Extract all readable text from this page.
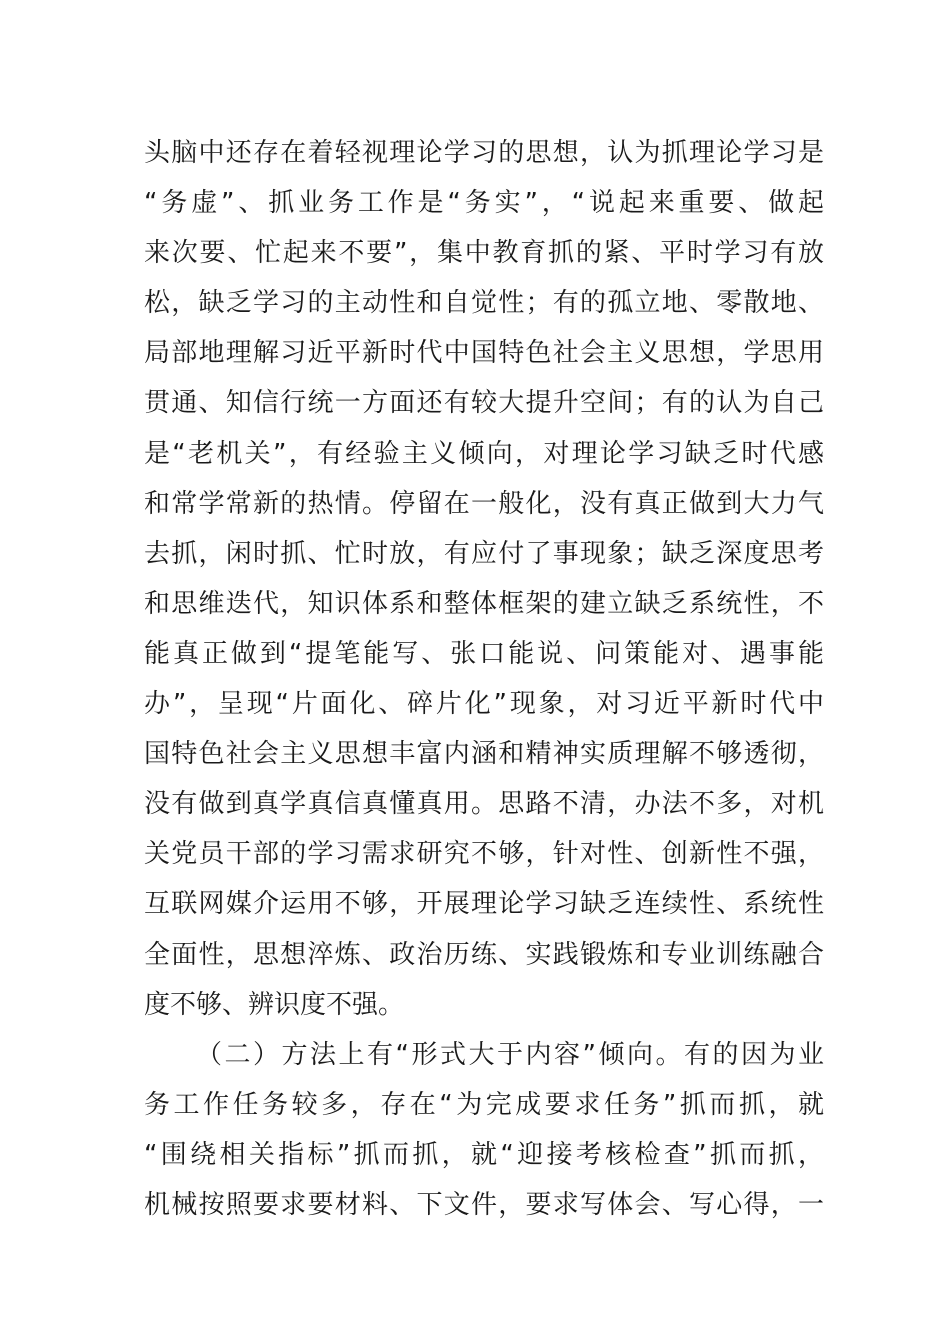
头脑中还存在着轻视理论学习的思想，认为抓理论学习是
“务虚”、抓业务工作是“务实”，“说起来重要、做起
来次要、忙起来不要”，集中教育抓的紧、平时学习有放
松，缺乏学习的主动性和自觉性；有的孤立地、零散地、
局部地理解习近平新时代中国特色社会主义思想，学思用
贯通、知信行统一方面还有较大提升空间；有的认为自己
是“老机关”，有经验主义倾向，对理论学习缺乏时代感
和常学常新的热情。停留在一般化，没有真正做到大力气
去抓，闲时抓、忙时放，有应付了事现象；缺乏深度思考
和思维迭代，知识体系和整体框架的建立缺乏系统性，不
能真正做到“提笔能写、张口能说、问策能对、遇事能
办”，呈现“片面化、碎片化”现象，对习近平新时代中
国特色社会主义思想丰富内涵和精神实质理解不够透彻，
没有做到真学真信真懂真用。思路不清，办法不多，对机
关党员干部的学习需求研究不够，针对性、创新性不强，
互联网媒介运用不够，开展理论学习缺乏连续性、系统性
全面性，思想淬炼、政治历练、实践锻炼和专业训练融合
度不够、辨识度不强。
（二）方法上有“形式大于内容”倾向。有的因为业
务工作任务较多，存在“为完成要求任务”抓而抓，就
“围绕相关指标”抓而抓，就“迎接考核检查”抓而抓，
机械按照要求要材料、下文件，要求写体会、写心得，一
